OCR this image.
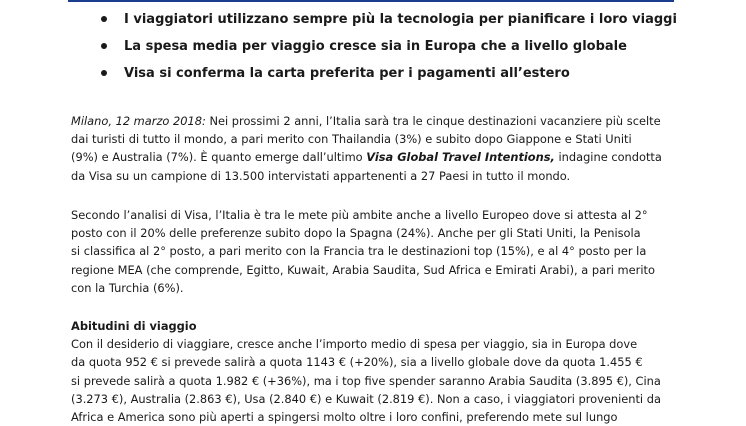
I viaggiatori utilizzano sempre più la tecnologia per pianificare i loro viaggi
La spesa media per viaggio cresce sia in Europa che a livello globale
Visa si conferma la carta preferita per i pagamenti all’estero
Milano, 12 marzo 2018: Nei prossimi 2 anni, l’Italia sarà tra le cinque destinazioni vacanziere più scelte
dai turisti di tutto il mondo, a pari merito con Thailandia (3%) e subito dopo Giappone e Stati Uniti
(9%) e Australia (7%). È quanto emerge dall’ultimo Visa Global Travel Intentions, indagine condotta
da Visa su un campione di 13.500 intervistati appartenenti a 27 Paesi in tutto il mondo.
Secondo l’analisi di Visa, l’Italia è tra le mete più ambite anche a livello Europeo dove si attesta al 2°
posto con il 20% delle preferenze subito dopo la Spagna (24%). Anche per gli Stati Uniti, la Penisola
si classifica al 2° posto, a pari merito con la Francia tra le destinazioni top (15%), e al 4° posto per la
regione MEA (che comprende, Egitto, Kuwait, Arabia Saudita, Sud Africa e Emirati Arabi), a pari merito
con la Turchia (6%).
Abitudini di viaggio
Con il desiderio di viaggiare, cresce anche l’importo medio di spesa per viaggio, sia in Europa dove
da quota 952 € si prevede salirà a quota 1143 € (+20%), sia a livello globale dove da quota 1.455 €
si prevede salirà a quota 1.982 € (+36%), ma i top five spender saranno Arabia Saudita (3.895 €), Cina
(3.273 €), Australia (2.863 €), Usa (2.840 €) e Kuwait (2.819 €). Non a caso, i viaggiatori provenienti da
Africa e America sono più aperti a spingersi molto oltre i loro confini, preferendo mete sul lungo
